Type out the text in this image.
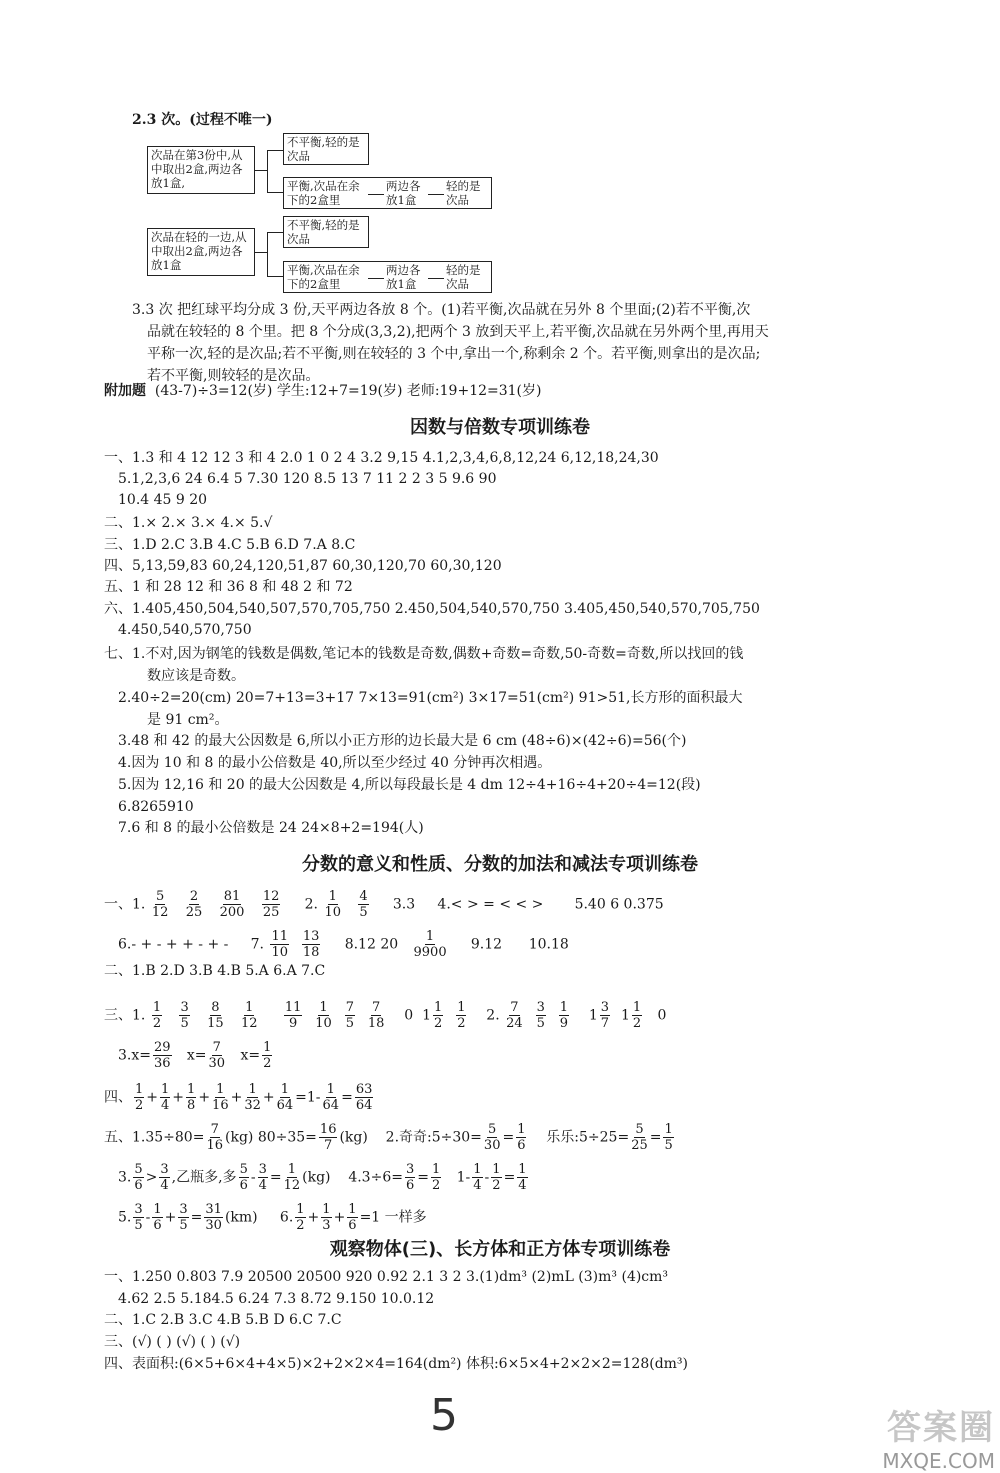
2.3 次。(过程不唯一)
次品在第3份中,从中取出2盒,两边各放1盒,
不平衡,轻的是次品
平衡,次品在余下的2盒里
两边各放1盒
轻的是次品
次品在轻的一边,从中取出2盒,两边各放1盒
不平衡,轻的是次品
平衡,次品在余下的2盒里
两边各放1盒
轻的是次品
3.3 次 把红球平均分成 3 份,天平两边各放 8 个。(1)若平衡,次品就在另外 8 个里面;(2)若不平衡,次
品就在较轻的 8 个里。把 8 个分成(3,3,2),把两个 3 放到天平上,若平衡,次品就在另外两个里,再用天
平称一次,轻的是次品;若不平衡,则在较轻的 3 个中,拿出一个,称剩余 2 个。若平衡,则拿出的是次品;
若不平衡,则较轻的是次品。
附加题 (43-7)÷3=12(岁) 学生:12+7=19(岁) 老师:19+12=31(岁)
因数与倍数专项训练卷
一、1.3 和 4 12 12 3 和 4 2.0 1 0 2 4 3.2 9,15 4.1,2,3,4,6,8,12,24 6,12,18,24,30
5.1,2,3,6 24 6.4 5 7.30 120 8.5 13 7 11 2 2 3 5 9.6 90
10.4 45 9 20
二、1.× 2.× 3.× 4.× 5.√
三、1.D 2.C 3.B 4.C 5.B 6.D 7.A 8.C
四、5,13,59,83 60,24,120,51,87 60,30,120,70 60,30,120
五、1 和 28 12 和 36 8 和 48 2 和 72
六、1.405,450,504,540,507,570,705,750 2.450,504,540,570,750 3.405,450,540,570,705,750
4.450,540,570,750
七、1.不对,因为钢笔的钱数是偶数,笔记本的钱数是奇数,偶数+奇数=奇数,50-奇数=奇数,所以找回的钱
数应该是奇数。
2.40÷2=20(cm) 20=7+13=3+17 7×13=91(cm²) 3×17=51(cm²) 91>51,长方形的面积最大
是 91 cm²。
3.48 和 42 的最大公因数是 6,所以小正方形的边长最大是 6 cm (48÷6)×(42÷6)=56(个)
4.因为 10 和 8 的最小公倍数是 40,所以至少经过 40 分钟再次相遇。
5.因为 12,16 和 20 的最大公因数是 4,所以每段最长是 4 dm 12÷4+16÷4+20÷4=12(段)
6.8265910
7.6 和 8 的最小公倍数是 24 24×8+2=194(人)
分数的意义和性质、分数的加法和减法专项训练卷
一、1. $\frac{5}{12}$
$\frac{2}{25}$
$\frac{81}{200}$
$\frac{12}{25} 2$. $\frac{1}{10}$
$\frac{4}{5} 3.3$ 4.< > = < < > 5.40 6 0.375
6.- + - + + - + - 7. $\frac{11}{10}$
$\frac{13}{18} 8.12$ $20 \frac{1}{9900} 9.12$ 10.18
二、1.B 2.D 3.B 4.B 5.A 6.A 7.C
三、1. $\frac{1}{2}$
$\frac{3}{5}$
$\frac{8}{15}$
$\frac{1}{12}$
$\frac{11}{9}$
$\frac{1}{10}$
$\frac{7}{5}$
$\frac{7}{18} 0$ $1 \frac{1}{2}$
$\frac{1}{2} 2$. $\frac{7}{24}$
$\frac{3}{5}$
$\frac{1}{9} 1 \frac{3}{7} 1 \frac{1}{2} 0$
$3.x= \frac{29}{36} x= \frac{7}{30} x= \frac{1}{2}$
四、 $\frac{1}{2} + \frac{1}{4} + \frac{1}{8} + \frac{1}{16} + \frac{1}{32} + \frac{1}{64} =1- \frac{1}{64} = \frac{63}{64}$
五、$1.35\div 80= \frac{7}{16} (kg)$ $80\div 35= \frac{16}{7} (kg)$ 2.奇奇:5÷30= $\frac{5}{30} = \frac{1}{6}$ 乐乐:5÷25= $\frac{5}{25} = \frac{1}{5}$
3. $\frac{5}{6} > \frac{3}{4}$ ,乙瓶多,多 $\frac{5}{6} - \frac{3}{4} = \frac{1}{12} (kg)$ $4.3\div 6= \frac{3}{6} = \frac{1}{2} 1- \frac{1}{4} - \frac{1}{2} = \frac{1}{4}$
5. $\frac{3}{5} - \frac{1}{6} + \frac{3}{5} = \frac{31}{30} (km)$ 6. $\frac{1}{2} + \frac{1}{3} + \frac{1}{6} =1$ 一样多
观察物体(三)、长方体和正方体专项训练卷
一、1.250 0.803 7.9 20500 20500 920 0.92 2.1 3 2 3.(1)dm³ (2)mL (3)m³ (4)cm³
4.62 2.5 5.184.5 6.24 7.3 8.72 9.150 10.0.12
二、1.C 2.B 3.C 4.B 5.B D 6.C 7.C
三、(√) ( ) (√) ( ) (√)
四、表面积:(6×5+6×4+4×5)×2+2×2×4=164(dm²) 体积:6×5×4+2×2×2=128(dm³)
5	答案圈
MXQE.COM
